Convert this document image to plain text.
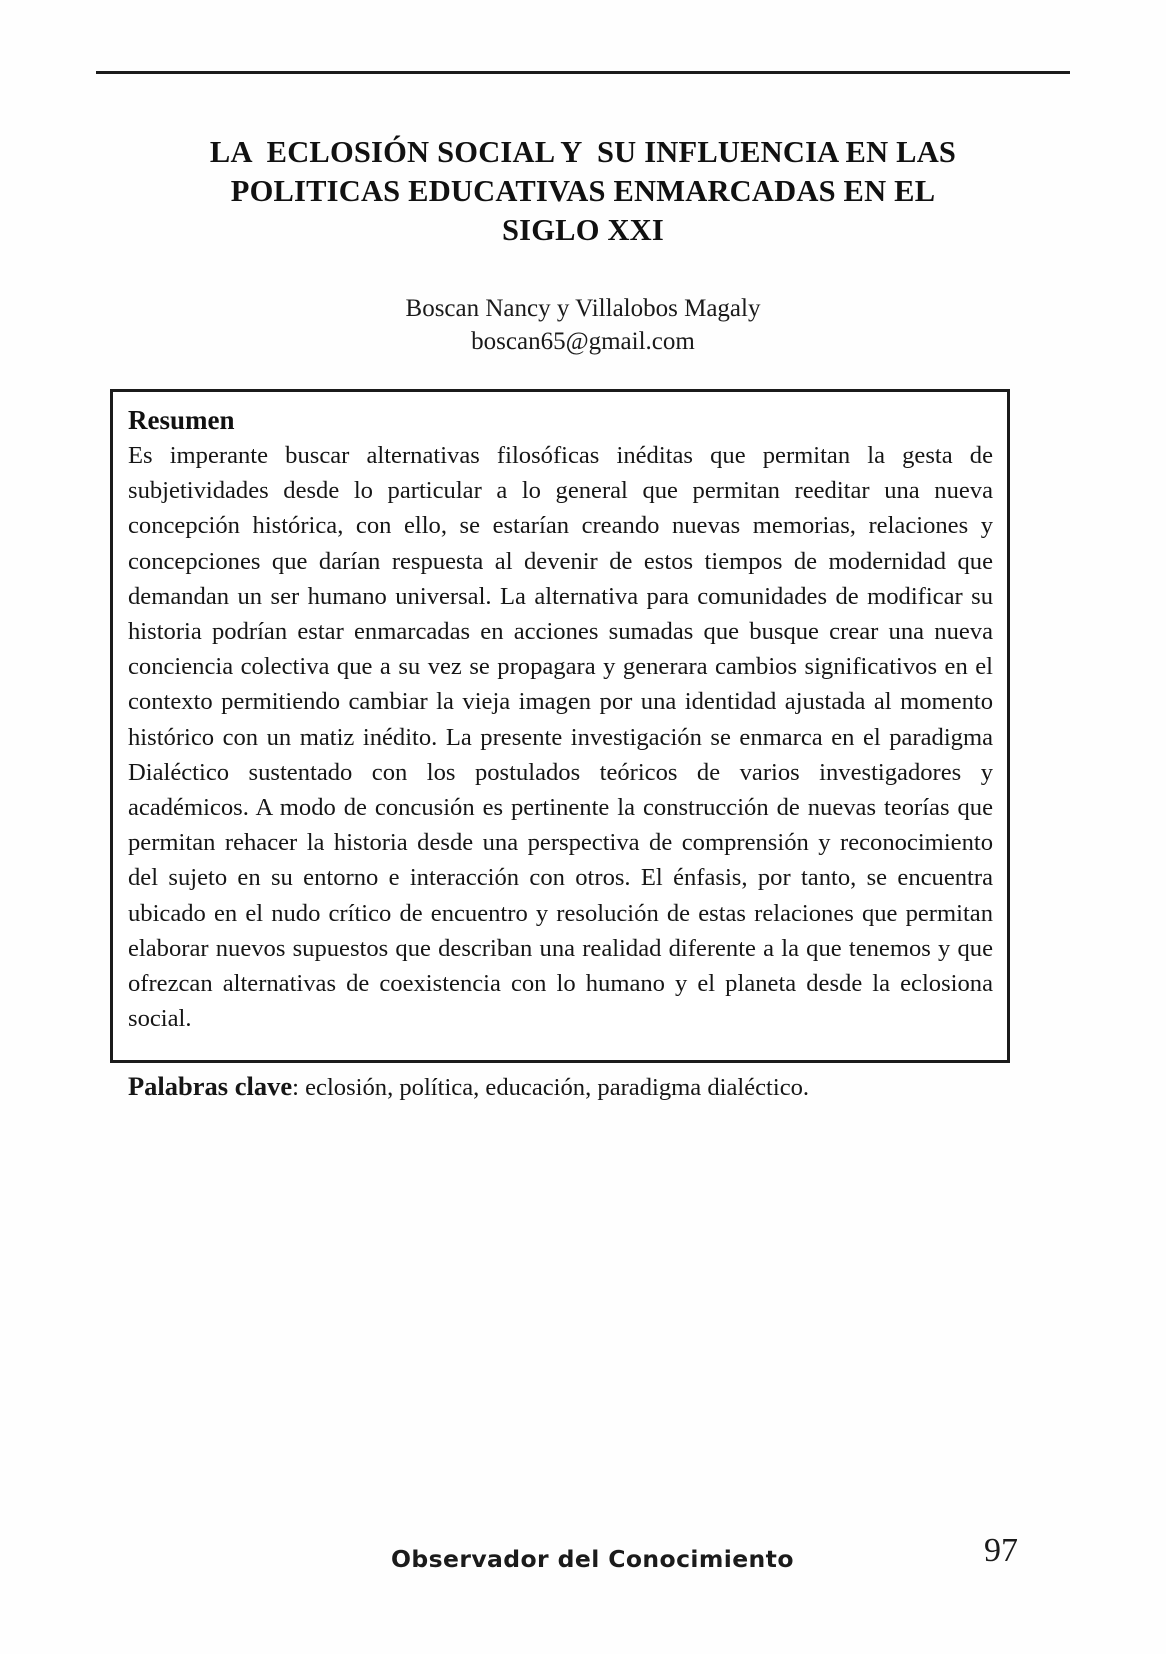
LA  ECLOSIÓN SOCIAL Y  SU INFLUENCIA EN LAS
POLITICAS EDUCATIVAS ENMARCADAS EN EL
SIGLO XXI
Boscan Nancy y Villalobos Magaly
boscan65@gmail.com
Resumen

Es imperante buscar alternativas filosóficas inéditas que permitan la gesta de subjetividades desde lo particular a lo general que permitan reeditar una nueva concepción histórica, con ello, se estarían creando nuevas memorias, relaciones y concepciones que darían respuesta al devenir de estos tiempos de modernidad que demandan un ser humano universal. La alternativa para comunidades de modificar su historia podrían estar enmarcadas en acciones sumadas que busque crear una nueva conciencia colectiva que a su vez se propagara y generara cambios significativos en el contexto permitiendo cambiar la vieja imagen por una identidad ajustada al momento histórico con un matiz inédito. La presente investigación se enmarca en el paradigma Dialéctico sustentado con los postulados teóricos de varios investigadores y académicos. A modo de concusión es pertinente la construcción de nuevas teorías que permitan rehacer la historia desde una perspectiva de comprensión y reconocimiento del sujeto en su entorno e interacción con otros. El énfasis, por tanto, se encuentra ubicado en el nudo crítico de encuentro y resolución de estas relaciones que permitan elaborar nuevos supuestos que describan una realidad diferente a la que tenemos y que ofrezcan alternativas de coexistencia con lo humano y el planeta desde la eclosiona social.

Palabras clave: eclosión, política, educación, paradigma dialéctico.
Observador del Conocimiento	97
